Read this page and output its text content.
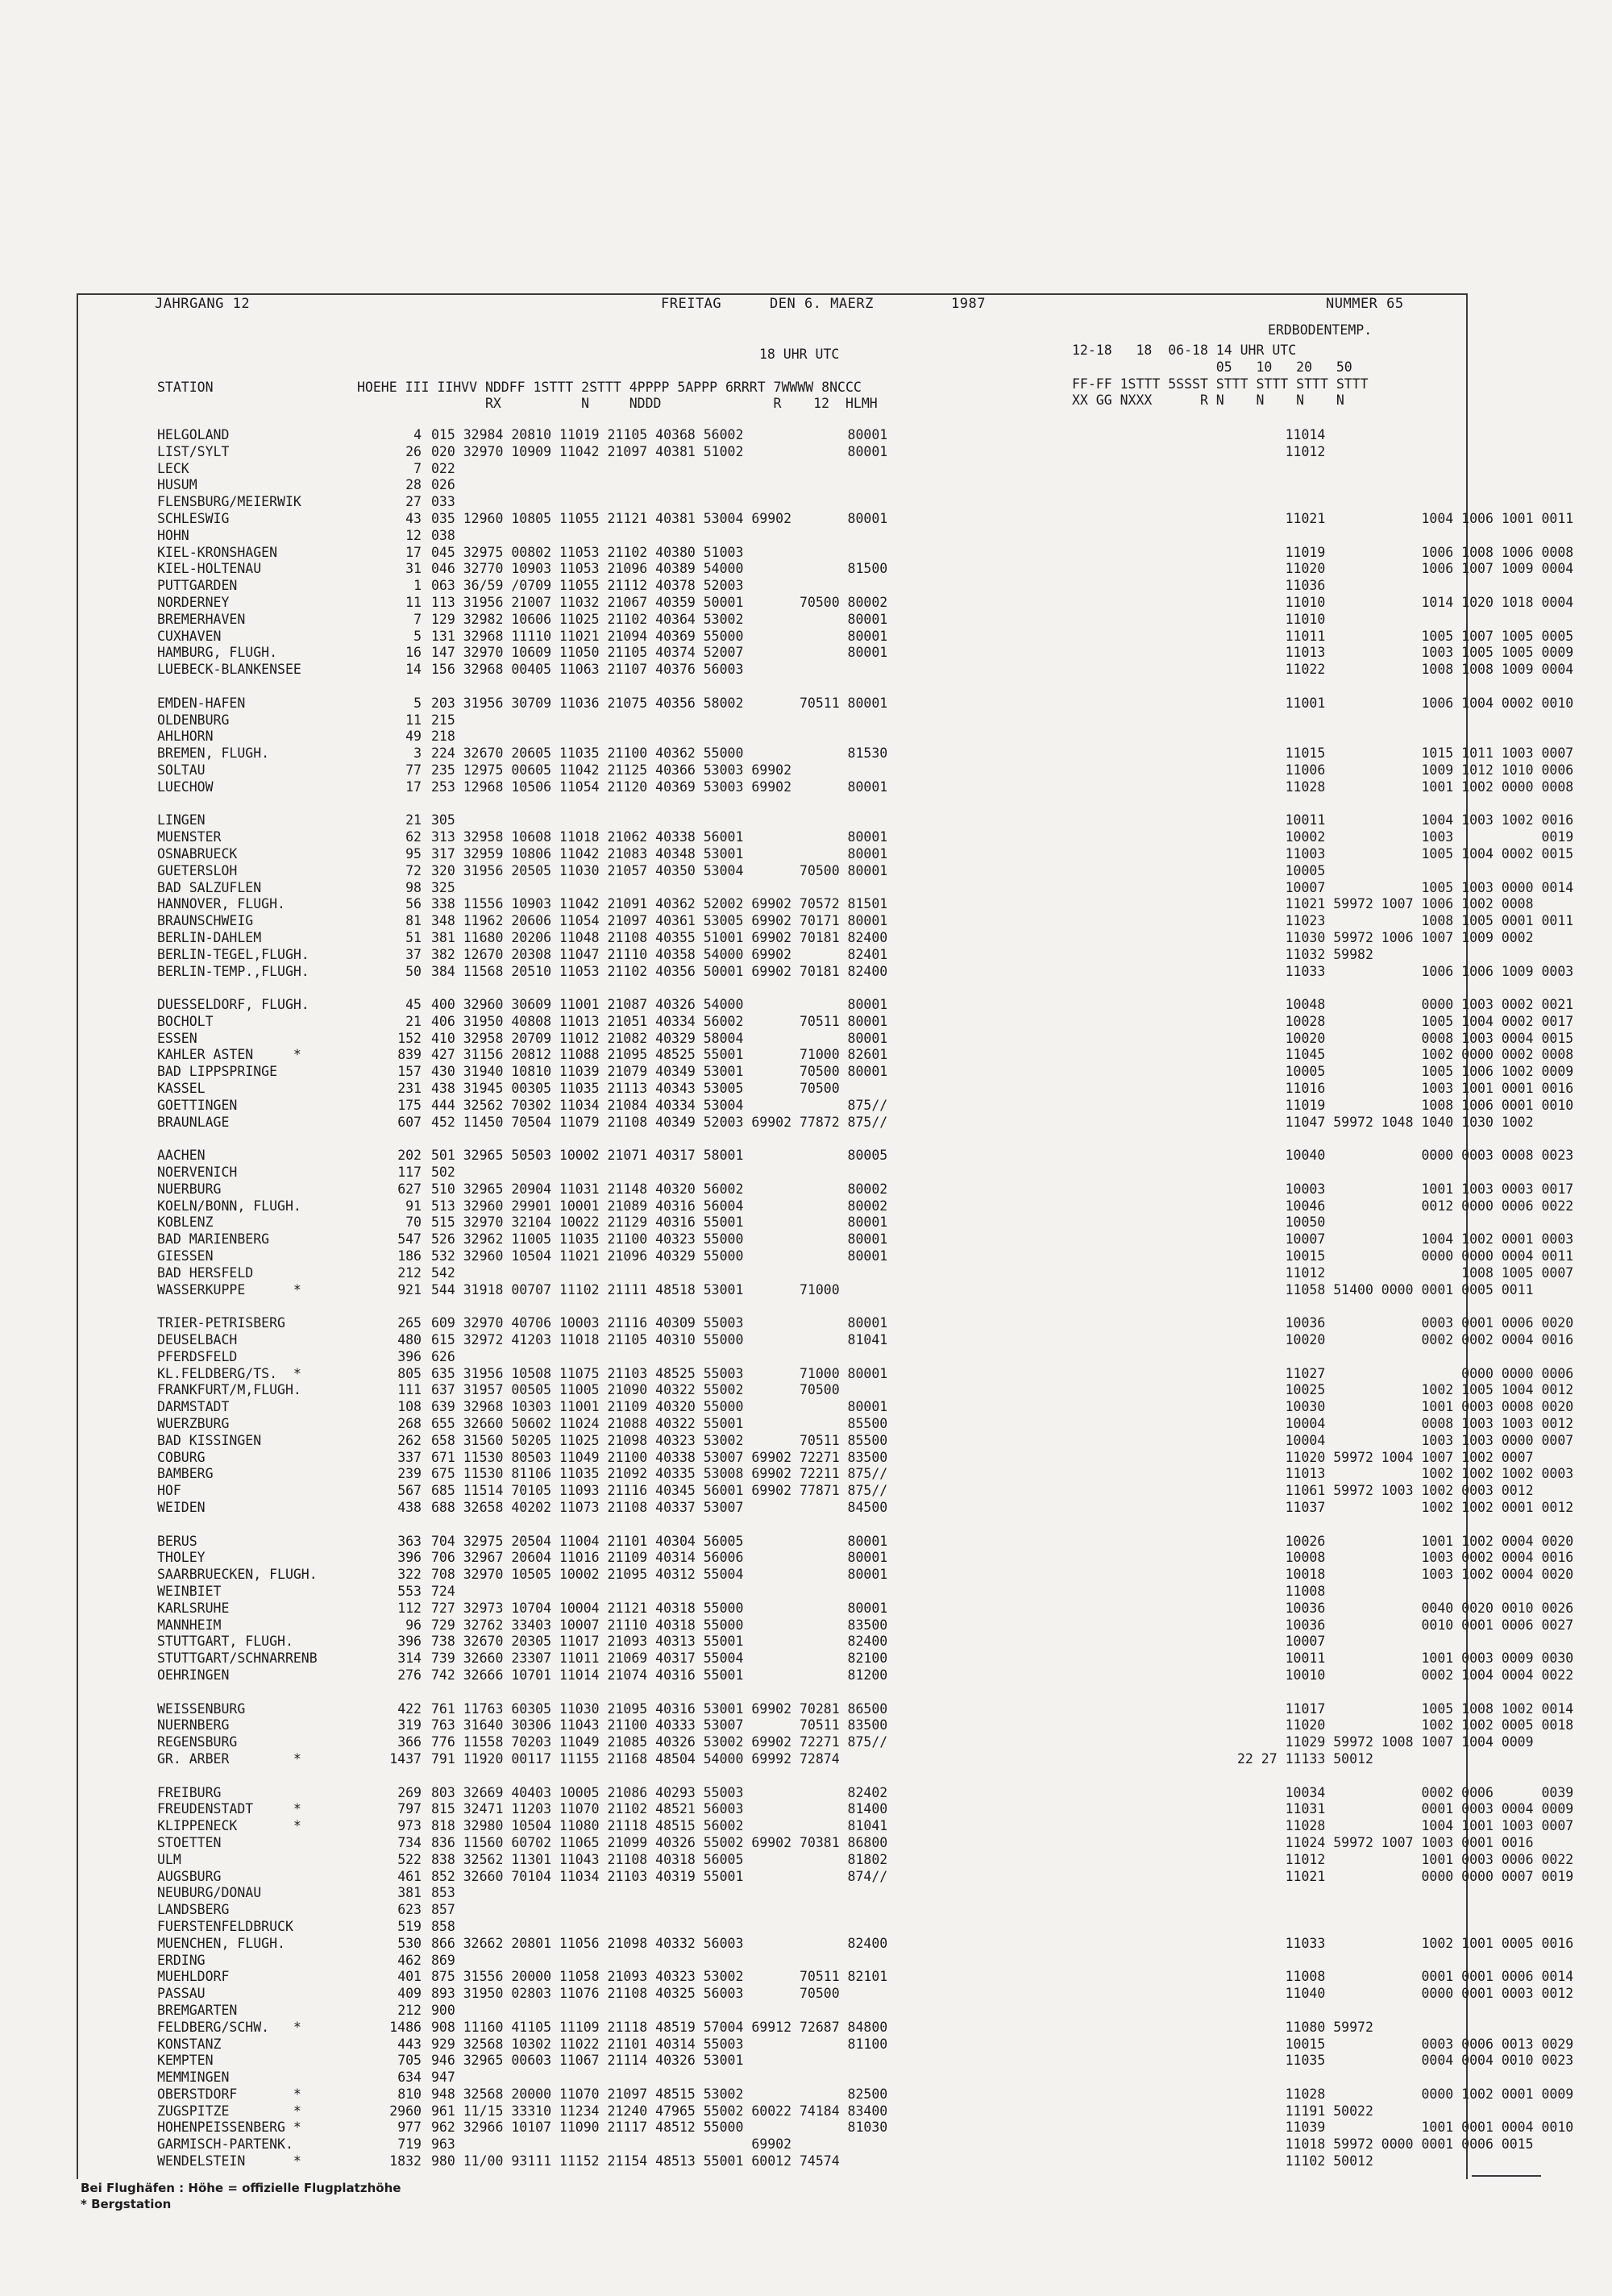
JAHRGANG 12	FREITAG	DEN 6. MAERZ	1987	NUMMER 65
ERDBODENTEMP.
18 UHR UTC	12-18   18  06-18 14 UHR UTC
05   10   20   50
STATION	HOEHE III IIHVV NDDFF 1STTT 2STTT 4PPPP 5APPP 6RRRT 7WWWW 8NCCC
RX          N     NDDD              R    12  HLMH
FF-FF 1STTT 5SSST STTT STTT STTT STTT
XX GG NXXX      R N    N    N    N
HELGOLAND	4 015 32984 20810 11019 21105 40368 56002             80001	11014
LIST/SYLT	26 020 32970 10909 11042 21097 40381 51002             80001	11012
LECK	7 022
HUSUM	28 026
FLENSBURG/MEIERWIK	27 033
SCHLESWIG	43 035 12960 10805 11055 21121 40381 53004 69902       80001	11021            1004 1006 1001 0011
HOHN	12 038
KIEL-KRONSHAGEN	17 045 32975 00802 11053 21102 40380 51003	11019            1006 1008 1006 0008
KIEL-HOLTENAU	31 046 32770 10903 11053 21096 40389 54000             81500	11020            1006 1007 1009 0004
PUTTGARDEN	1 063 36/59 /0709 11055 21112 40378 52003	11036
NORDERNEY	11 113 31956 21007 11032 21067 40359 50001       70500 80002	11010            1014 1020 1018 0004
BREMERHAVEN	7 129 32982 10606 11025 21102 40364 53002             80001	11010
CUXHAVEN	5 131 32968 11110 11021 21094 40369 55000             80001	11011            1005 1007 1005 0005
HAMBURG, FLUGH.	16 147 32970 10609 11050 21105 40374 52007             80001	11013            1003 1005 1005 0009
LUEBECK-BLANKENSEE	14 156 32968 00405 11063 21107 40376 56003	11022            1008 1008 1009 0004
EMDEN-HAFEN	5 203 31956 30709 11036 21075 40356 58002       70511 80001	11001            1006 1004 0002 0010
OLDENBURG	11 215
AHLHORN	49 218
BREMEN, FLUGH.	3 224 32670 20605 11035 21100 40362 55000             81530	11015            1015 1011 1003 0007
SOLTAU	77 235 12975 00605 11042 21125 40366 53003 69902	11006            1009 1012 1010 0006
LUECHOW	17 253 12968 10506 11054 21120 40369 53003 69902       80001	11028            1001 1002 0000 0008
LINGEN	21 305	10011            1004 1003 1002 0016
MUENSTER	62 313 32958 10608 11018 21062 40338 56001             80001	10002            1003           0019
OSNABRUECK	95 317 32959 10806 11042 21083 40348 53001             80001	11003            1005 1004 0002 0015
GUETERSLOH	72 320 31956 20505 11030 21057 40350 53004       70500 80001	10005
BAD SALZUFLEN	98 325	10007            1005 1003 0000 0014
HANNOVER, FLUGH.	56 338 11556 10903 11042 21091 40362 52002 69902 70572 81501	11021 59972 1007 1006 1002 0008
BRAUNSCHWEIG	81 348 11962 20606 11054 21097 40361 53005 69902 70171 80001	11023            1008 1005 0001 0011
BERLIN-DAHLEM	51 381 11680 20206 11048 21108 40355 51001 69902 70181 82400	11030 59972 1006 1007 1009 0002
BERLIN-TEGEL,FLUGH.	37 382 12670 20308 11047 21110 40358 54000 69902       82401	11032 59982
BERLIN-TEMP.,FLUGH.	50 384 11568 20510 11053 21102 40356 50001 69902 70181 82400	11033            1006 1006 1009 0003
DUESSELDORF, FLUGH.	45 400 32960 30609 11001 21087 40326 54000             80001	10048            0000 1003 0002 0021
BOCHOLT	21 406 31950 40808 11013 21051 40334 56002       70511 80001	10028            1005 1004 0002 0017
ESSEN	152 410 32958 20709 11012 21082 40329 58004             80001	10020            0008 1003 0004 0015
KAHLER ASTEN     *	839 427 31156 20812 11088 21095 48525 55001       71000 82601	11045            1002 0000 0002 0008
BAD LIPPSPRINGE	157 430 31940 10810 11039 21079 40349 53001       70500 80001	10005            1005 1006 1002 0009
KASSEL	231 438 31945 00305 11035 21113 40343 53005       70500	11016            1003 1001 0001 0016
GOETTINGEN	175 444 32562 70302 11034 21084 40334 53004             875//	11019            1008 1006 0001 0010
BRAUNLAGE	607 452 11450 70504 11079 21108 40349 52003 69902 77872 875//	11047 59972 1048 1040 1030 1002
AACHEN	202 501 32965 50503 10002 21071 40317 58001             80005	10040            0000 0003 0008 0023
NOERVENICH	117 502
NUERBURG	627 510 32965 20904 11031 21148 40320 56002             80002	10003            1001 1003 0003 0017
KOELN/BONN, FLUGH.	91 513 32960 29901 10001 21089 40316 56004             80002	10046            0012 0000 0006 0022
KOBLENZ	70 515 32970 32104 10022 21129 40316 55001             80001	10050
BAD MARIENBERG	547 526 32962 11005 11035 21100 40323 55000             80001	10007            1004 1002 0001 0003
GIESSEN	186 532 32960 10504 11021 21096 40329 55000             80001	10015            0000 0000 0004 0011
BAD HERSFELD	212 542	11012                 1008 1005 0007
WASSERKUPPE      *	921 544 31918 00707 11102 21111 48518 53001       71000	11058 51400 0000 0001 0005 0011
TRIER-PETRISBERG	265 609 32970 40706 10003 21116 40309 55003             80001	10036            0003 0001 0006 0020
DEUSELBACH	480 615 32972 41203 11018 21105 40310 55000             81041	10020            0002 0002 0004 0016
PFERDSFELD	396 626
KL.FELDBERG/TS.  *	805 635 31956 10508 11075 21103 48525 55003       71000 80001	11027                 0000 0000 0006
FRANKFURT/M,FLUGH.	111 637 31957 00505 11005 21090 40322 55002       70500	10025            1002 1005 1004 0012
DARMSTADT	108 639 32968 10303 11001 21109 40320 55000             80001	10030            1001 0003 0008 0020
WUERZBURG	268 655 32660 50602 11024 21088 40322 55001             85500	10004            0008 1003 1003 0012
BAD KISSINGEN	262 658 31560 50205 11025 21098 40323 53002       70511 85500	10004            1003 1003 0000 0007
COBURG	337 671 11530 80503 11049 21100 40338 53007 69902 72271 83500	11020 59972 1004 1007 1002 0007
BAMBERG	239 675 11530 81106 11035 21092 40335 53008 69902 72211 875//	11013            1002 1002 1002 0003
HOF	567 685 11514 70105 11093 21116 40345 56001 69902 77871 875//	11061 59972 1003 1002 0003 0012
WEIDEN	438 688 32658 40202 11073 21108 40337 53007             84500	11037            1002 1002 0001 0012
BERUS	363 704 32975 20504 11004 21101 40304 56005             80001	10026            1001 1002 0004 0020
THOLEY	396 706 32967 20604 11016 21109 40314 56006             80001	10008            1003 0002 0004 0016
SAARBRUECKEN, FLUGH.	322 708 32970 10505 10002 21095 40312 55004             80001	10018            1003 1002 0004 0020
WEINBIET	553 724	11008
KARLSRUHE	112 727 32973 10704 10004 21121 40318 55000             80001	10036            0040 0020 0010 0026
MANNHEIM	96 729 32762 33403 10007 21110 40318 55000             83500	10036            0010 0001 0006 0027
STUTTGART, FLUGH.	396 738 32670 20305 11017 21093 40313 55001             82400	10007
STUTTGART/SCHNARRENB	314 739 32660 23307 11011 21069 40317 55004             82100	10011            1001 0003 0009 0030
OEHRINGEN	276 742 32666 10701 11014 21074 40316 55001             81200	10010            0002 1004 0004 0022
WEISSENBURG	422 761 11763 60305 11030 21095 40316 53001 69902 70281 86500	11017            1005 1008 1002 0014
NUERNBERG	319 763 31640 30306 11043 21100 40333 53007       70511 83500	11020            1002 1002 0005 0018
REGENSBURG	366 776 11558 70203 11049 21085 40326 53002 69902 72271 875//	11029 59972 1008 1007 1004 0009
GR. ARBER        *	1437 791 11920 00117 11155 21168 48504 54000 69992 72874	22 27 11133 50012
FREIBURG	269 803 32669 40403 10005 21086 40293 55003             82402	10034            0002 0006      0039
FREUDENSTADT     *	797 815 32471 11203 11070 21102 48521 56003             81400	11031            0001 0003 0004 0009
KLIPPENECK       *	973 818 32980 10504 11080 21118 48515 56002             81041	11028            1004 1001 1003 0007
STOETTEN	734 836 11560 60702 11065 21099 40326 55002 69902 70381 86800	11024 59972 1007 1003 0001 0016
ULM	522 838 32562 11301 11043 21108 40318 56005             81802	11012            1001 0003 0006 0022
AUGSBURG	461 852 32660 70104 11034 21103 40319 55001             874//	11021            0000 0000 0007 0019
NEUBURG/DONAU	381 853
LANDSBERG	623 857
FUERSTENFELDBRUCK	519 858
MUENCHEN, FLUGH.	530 866 32662 20801 11056 21098 40332 56003             82400	11033            1002 1001 0005 0016
ERDING	462 869
MUEHLDORF	401 875 31556 20000 11058 21093 40323 53002       70511 82101	11008            0001 0001 0006 0014
PASSAU	409 893 31950 02803 11076 21108 40325 56003       70500	11040            0000 0001 0003 0012
BREMGARTEN	212 900
FELDBERG/SCHW.   *	1486 908 11160 41105 11109 21118 48519 57004 69912 72687 84800	11080 59972
KONSTANZ	443 929 32568 10302 11022 21101 40314 55003             81100	10015            0003 0006 0013 0029
KEMPTEN	705 946 32965 00603 11067 21114 40326 53001	11035            0004 0004 0010 0023
MEMMINGEN	634 947
OBERSTDORF       *	810 948 32568 20000 11070 21097 48515 53002             82500	11028            0000 1002 0001 0009
ZUGSPITZE        *	2960 961 11/15 33310 11234 21240 47965 55002 60022 74184 83400	11191 50022
HOHENPEISSENBERG *	977 962 32966 10107 11090 21117 48512 55000             81030	11039            1001 0001 0004 0010
GARMISCH-PARTENK.	719 963                                     69902	11018 59972 0000 0001 0006 0015
WENDELSTEIN      *	1832 980 11/00 93111 11152 21154 48513 55001 60012 74574	11102 50012
Bei Flughäfen : Höhe = offizielle Flugplatzhöhe
* Bergstation
